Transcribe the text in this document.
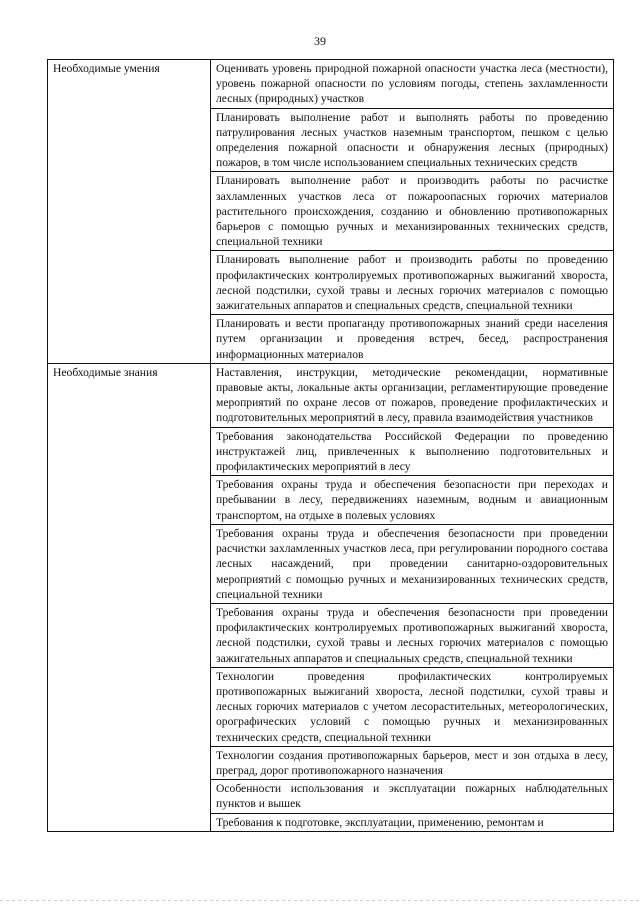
39
Необходимые умения	Оценивать уровень природной пожарной опасности участка леса (местности), уровень пожарной опасности по условиям погоды, степень захламленности лесных (природных) участков
	Планировать выполнение работ и выполнять работы по проведению патрулирования лесных участков наземным транспортом, пешком с целью определения пожарной опасности и обнаружения лесных (природных) пожаров, в том числе использованием специальных технических средств
	Планировать выполнение работ и производить работы по расчистке захламленных участков леса от пожароопасных горючих материалов растительного происхождения, созданию и обновлению противопожарных барьеров с помощью ручных и механизированных технических средств, специальной техники
	Планировать выполнение работ и производить работы по проведению профилактических контролируемых противопожарных выжиганий хвороста, лесной подстилки, сухой травы и лесных горючих материалов с помощью зажигательных аппаратов и специальных средств, специальной техники
	Планировать и вести пропаганду противопожарных знаний среди населения путем организации и проведения встреч, бесед, распространения информационных материалов
Необходимые знания	Наставления, инструкции, методические рекомендации, нормативные правовые акты, локальные акты организации, регламентирующие проведение мероприятий по охране лесов от пожаров, проведение профилактических и подготовительных мероприятий в лесу, правила взаимодействия участников
	Требования законодательства Российской Федерации по проведению инструктажей лиц, привлеченных к выполнению подготовительных и профилактических мероприятий в лесу
	Требования охраны труда и обеспечения безопасности при переходах и пребывании в лесу, передвижениях наземным, водным и авиационным транспортом, на отдыхе в полевых условиях
	Требования охраны труда и обеспечения безопасности при проведении расчистки захламленных участков леса, при регулировании породного состава лесных насаждений, при проведении санитарно-оздоровительных мероприятий с помощью ручных и механизированных технических средств, специальной техники
	Требования охраны труда и обеспечения безопасности при проведении профилактических контролируемых противопожарных выжиганий хвороста, лесной подстилки, сухой травы и лесных горючих материалов с помощью зажигательных аппаратов и специальных средств, специальной техники
	Технологии проведения профилактических контролируемых противопожарных выжиганий хвороста, лесной подстилки, сухой травы и лесных горючих материалов с учетом лесорастительных, метеорологических, орографических условий с помощью ручных и механизированных технических средств, специальной техники
	Технологии создания противопожарных барьеров, мест и зон отдыха в лесу, преград, дорог противопожарного назначения
	Особенности использования и эксплуатации пожарных наблюдательных пунктов и вышек
	Требования к подготовке, эксплуатации, применению, ремонтам и
